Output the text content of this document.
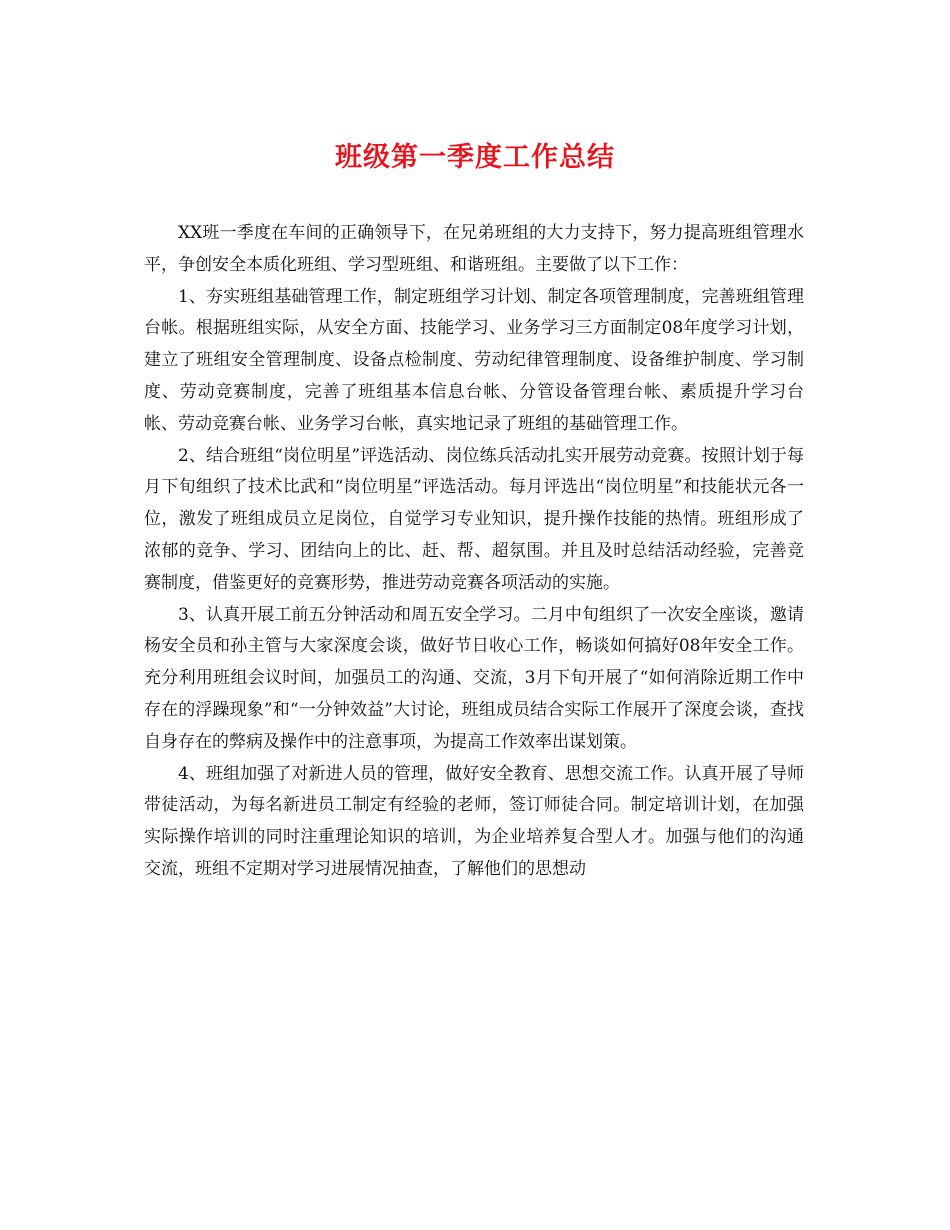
班级第一季度工作总结

XX班一季度在车间的正确领导下，在兄弟班组的大力支持下，努力提高班组管理水平，争创安全本质化班组、学习型班组、和谐班组。主要做了以下工作：

1、夯实班组基础管理工作，制定班组学习计划、制定各项管理制度，完善班组管理台帐。根据班组实际，从安全方面、技能学习、业务学习三方面制定08年度学习计划，建立了班组安全管理制度、设备点检制度、劳动纪律管理制度、设备维护制度、学习制度、劳动竞赛制度，完善了班组基本信息台帐、分管设备管理台帐、素质提升学习台帐、劳动竞赛台帐、业务学习台帐，真实地记录了班组的基础管理工作。

2、结合班组“岗位明星”评选活动、岗位练兵活动扎实开展劳动竞赛。按照计划于每月下旬组织了技术比武和“岗位明星”评选活动。每月评选出“岗位明星”和技能状元各一位，激发了班组成员立足岗位，自觉学习专业知识，提升操作技能的热情。班组形成了浓郁的竞争、学习、团结向上的比、赶、帮、超氛围。并且及时总结活动经验，完善竞赛制度，借鉴更好的竞赛形势，推进劳动竞赛各项活动的实施。

3、认真开展工前五分钟活动和周五安全学习。二月中旬组织了一次安全座谈，邀请杨安全员和孙主管与大家深度会谈，做好节日收心工作，畅谈如何搞好08年安全工作。充分利用班组会议时间，加强员工的沟通、交流，3月下旬开展了“如何消除近期工作中存在的浮躁现象”和“一分钟效益”大讨论，班组成员结合实际工作展开了深度会谈，查找自身存在的弊病及操作中的注意事项，为提高工作效率出谋划策。

4、班组加强了对新进人员的管理，做好安全教育、思想交流工作。认真开展了导师带徒活动，为每名新进员工制定有经验的老师，签订师徒合同。制定培训计划，在加强实际操作培训的同时注重理论知识的培训，为企业培养复合型人才。加强与他们的沟通交流，班组不定期对学习进展情况抽查，了解他们的思想动
